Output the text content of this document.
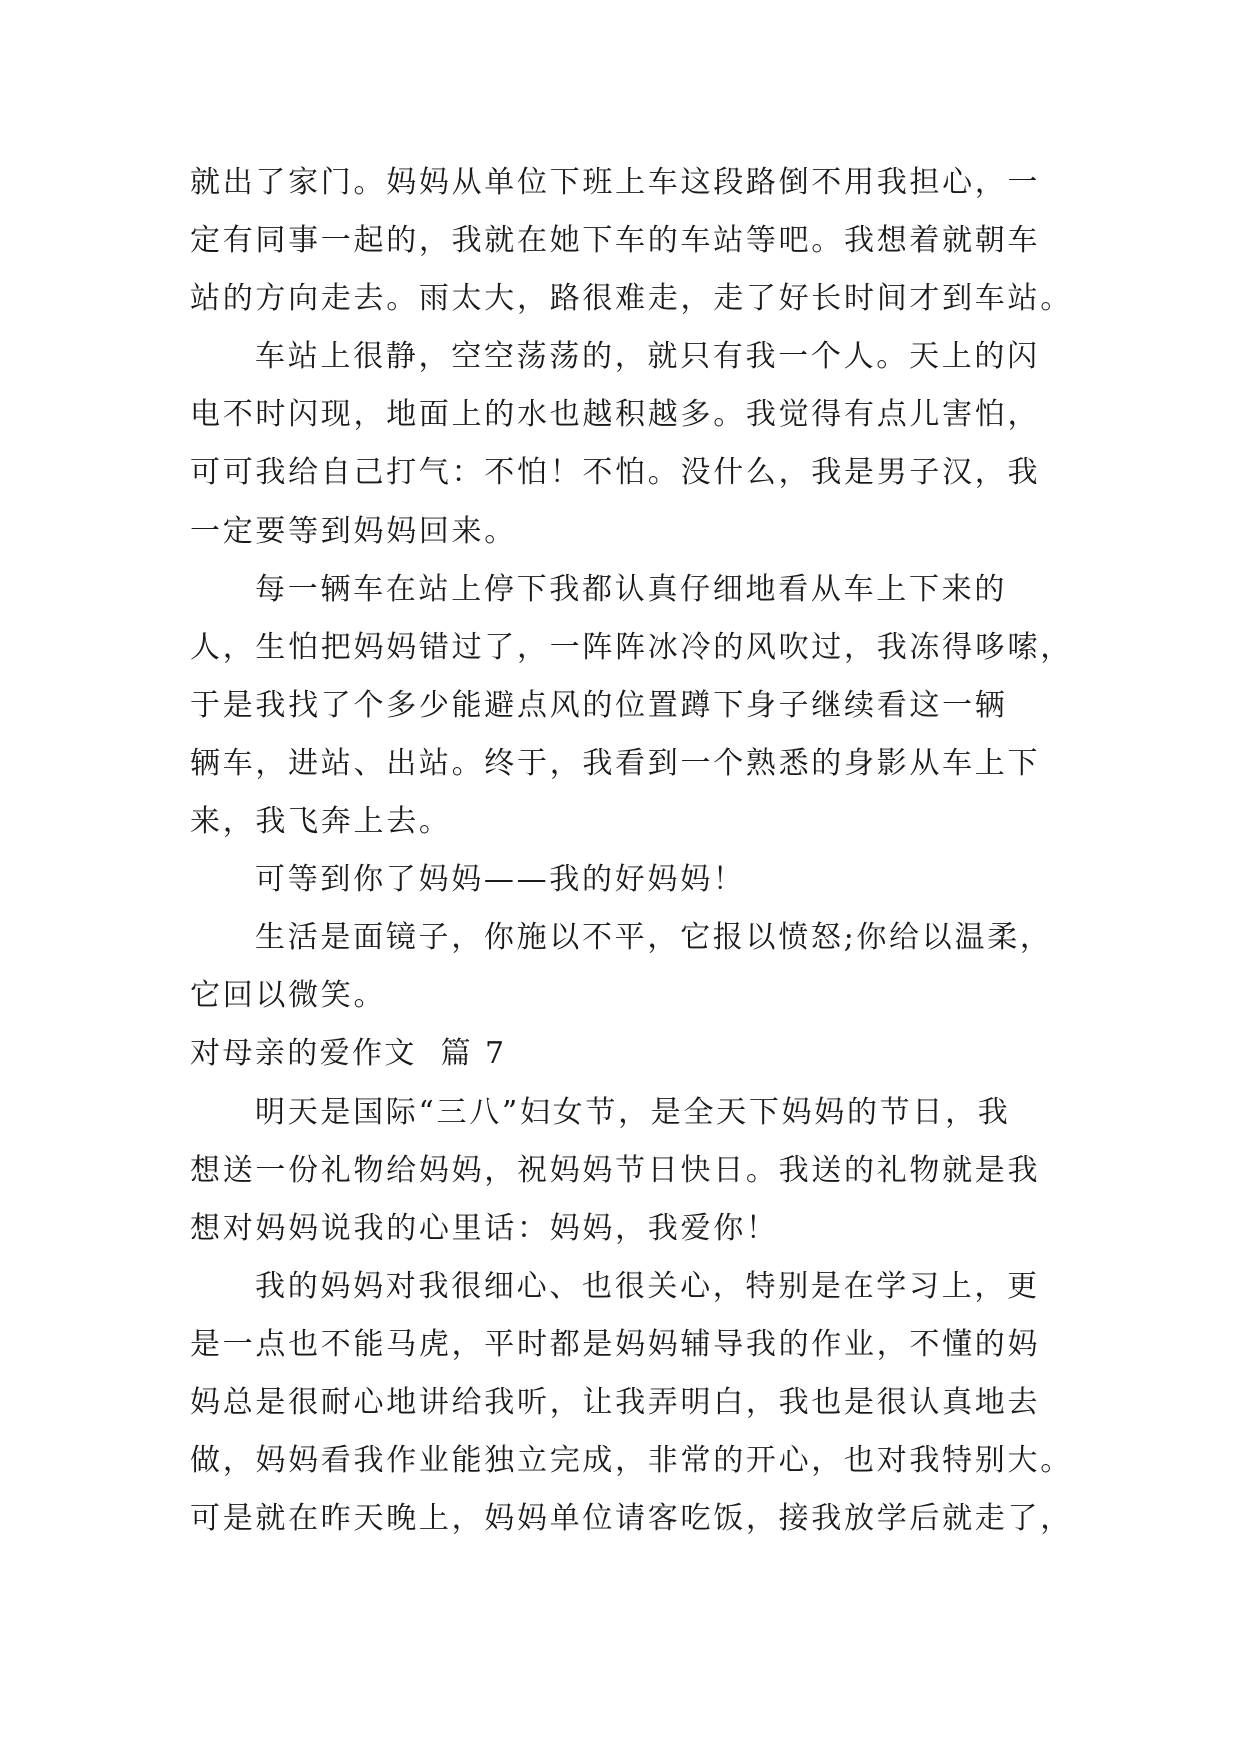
就出了家门。妈妈从单位下班上车这段路倒不用我担心，一
定有同事一起的，我就在她下车的车站等吧。我想着就朝车
站的方向走去。雨太大，路很难走，走了好长时间才到车站。
车站上很静，空空荡荡的，就只有我一个人。天上的闪
电不时闪现，地面上的水也越积越多。我觉得有点儿害怕，
可可我给自己打气：不怕！不怕。没什么，我是男子汉，我
一定要等到妈妈回来。
每一辆车在站上停下我都认真仔细地看从车上下来的
人，生怕把妈妈错过了，一阵阵冰冷的风吹过，我冻得哆嗦，
于是我找了个多少能避点风的位置蹲下身子继续看这一辆
辆车，进站、出站。终于，我看到一个熟悉的身影从车上下
来，我飞奔上去。
可等到你了妈妈——我的好妈妈！
生活是面镜子，你施以不平，它报以愤怒;你给以温柔，
它回以微笑。
对母亲的爱作文  篇 7
明天是国际“三八”妇女节，是全天下妈妈的节日，我
想送一份礼物给妈妈，祝妈妈节日快日。我送的礼物就是我
想对妈妈说我的心里话：妈妈，我爱你！
我的妈妈对我很细心、也很关心，特别是在学习上，更
是一点也不能马虎，平时都是妈妈辅导我的作业，不懂的妈
妈总是很耐心地讲给我听，让我弄明白，我也是很认真地去
做，妈妈看我作业能独立完成，非常的开心，也对我特别大。
可是就在昨天晚上，妈妈单位请客吃饭，接我放学后就走了，
